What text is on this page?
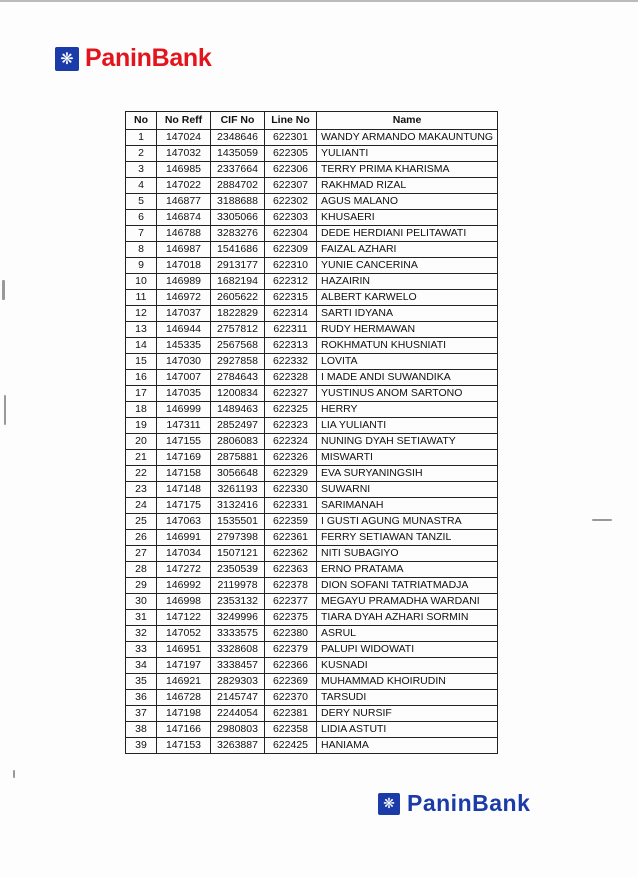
❋ PaninBank
No	No Reff	CIF No	Line No	Name
1	147024	2348646	622301	WANDY ARMANDO MAKAUNTUNG
2	147032	1435059	622305	YULIANTI
3	146985	2337664	622306	TERRY PRIMA KHARISMA
4	147022	2884702	622307	RAKHMAD RIZAL
5	146877	3188688	622302	AGUS MALANO
6	146874	3305066	622303	KHUSAERI
7	146788	3283276	622304	DEDE HERDIANI PELITAWATI
8	146987	1541686	622309	FAIZAL AZHARI
9	147018	2913177	622310	YUNIE CANCERINA
10	146989	1682194	622312	HAZAIRIN
11	146972	2605622	622315	ALBERT KARWELO
12	147037	1822829	622314	SARTI IDYANA
13	146944	2757812	622311	RUDY HERMAWAN
14	145335	2567568	622313	ROKHMATUN KHUSNIATI
15	147030	2927858	622332	LOVITA
16	147007	2784643	622328	I MADE ANDI SUWANDIKA
17	147035	1200834	622327	YUSTINUS ANOM SARTONO
18	146999	1489463	622325	HERRY
19	147311	2852497	622323	LIA YULIANTI
20	147155	2806083	622324	NUNING DYAH SETIAWATY
21	147169	2875881	622326	MISWARTI
22	147158	3056648	622329	EVA SURYANINGSIH
23	147148	3261193	622330	SUWARNI
24	147175	3132416	622331	SARIMANAH
25	147063	1535501	622359	I GUSTI AGUNG MUNASTRA
26	146991	2797398	622361	FERRY SETIAWAN TANZIL
27	147034	1507121	622362	NITI SUBAGIYO
28	147272	2350539	622363	ERNO PRATAMA
29	146992	2119978	622378	DION SOFANI TATRIATMADJA
30	146998	2353132	622377	MEGAYU PRAMADHA WARDANI
31	147122	3249996	622375	TIARA DYAH AZHARI SORMIN
32	147052	3333575	622380	ASRUL
33	146951	3328608	622379	PALUPI WIDOWATI
34	147197	3338457	622366	KUSNADI
35	146921	2829303	622369	MUHAMMAD KHOIRUDIN
36	146728	2145747	622370	TARSUDI
37	147198	2244054	622381	DERY NURSIF
38	147166	2980803	622358	LIDIA ASTUTI
39	147153	3263887	622425	HANIAMA
❋ PaninBank
